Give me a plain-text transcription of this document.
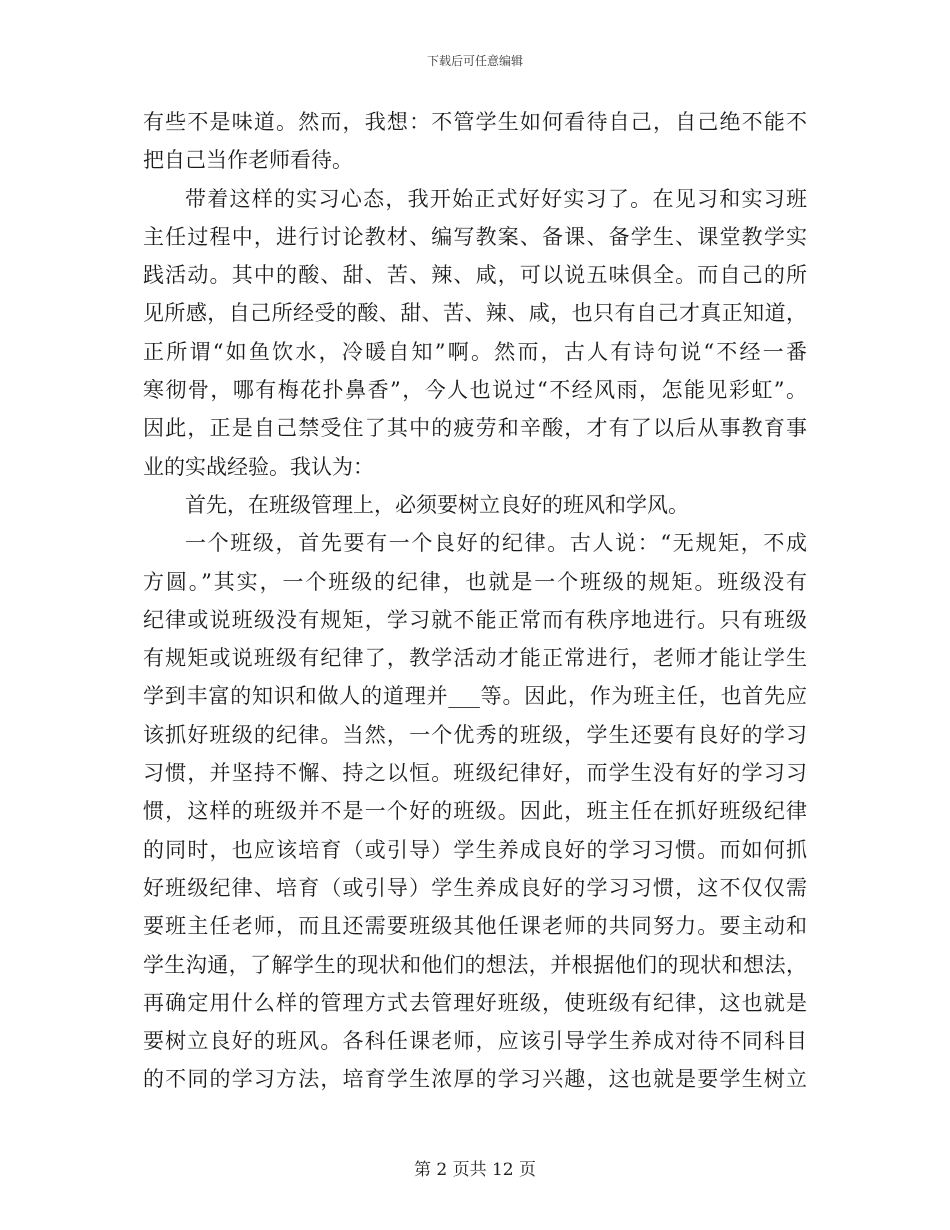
下载后可任意编辑
有些不是味道。然而，我想：不管学生如何看待自己，自己绝不能不
把自己当作老师看待。
带着这样的实习心态，我开始正式好好实习了。在见习和实习班
主任过程中，进行讨论教材、编写教案、备课、备学生、课堂教学实
践活动。其中的酸、甜、苦、辣、咸，可以说五味俱全。而自己的所
见所感，自己所经受的酸、甜、苦、辣、咸，也只有自己才真正知道，
正所谓“如鱼饮水，冷暖自知”啊。然而，古人有诗句说“不经一番
寒彻骨，哪有梅花扑鼻香”，今人也说过“不经风雨，怎能见彩虹”。
因此，正是自己禁受住了其中的疲劳和辛酸，才有了以后从事教育事
业的实战经验。我认为：
首先，在班级管理上，必须要树立良好的班风和学风。
一个班级，首先要有一个良好的纪律。古人说：“无规矩，不成
方圆。”其实，一个班级的纪律，也就是一个班级的规矩。班级没有
纪律或说班级没有规矩，学习就不能正常而有秩序地进行。只有班级
有规矩或说班级有纪律了，教学活动才能正常进行，老师才能让学生
学到丰富的知识和做人的道理并___等。因此，作为班主任，也首先应
该抓好班级的纪律。当然，一个优秀的班级，学生还要有良好的学习
习惯，并坚持不懈、持之以恒。班级纪律好，而学生没有好的学习习
惯，这样的班级并不是一个好的班级。因此，班主任在抓好班级纪律
的同时，也应该培育（或引导）学生养成良好的学习习惯。而如何抓
好班级纪律、培育（或引导）学生养成良好的学习习惯，这不仅仅需
要班主任老师，而且还需要班级其他任课老师的共同努力。要主动和
学生沟通，了解学生的现状和他们的想法，并根据他们的现状和想法，
再确定用什么样的管理方式去管理好班级，使班级有纪律，这也就是
要树立良好的班风。各科任课老师，应该引导学生养成对待不同科目
的不同的学习方法，培育学生浓厚的学习兴趣，这也就是要学生树立
第 2 页共 12 页
